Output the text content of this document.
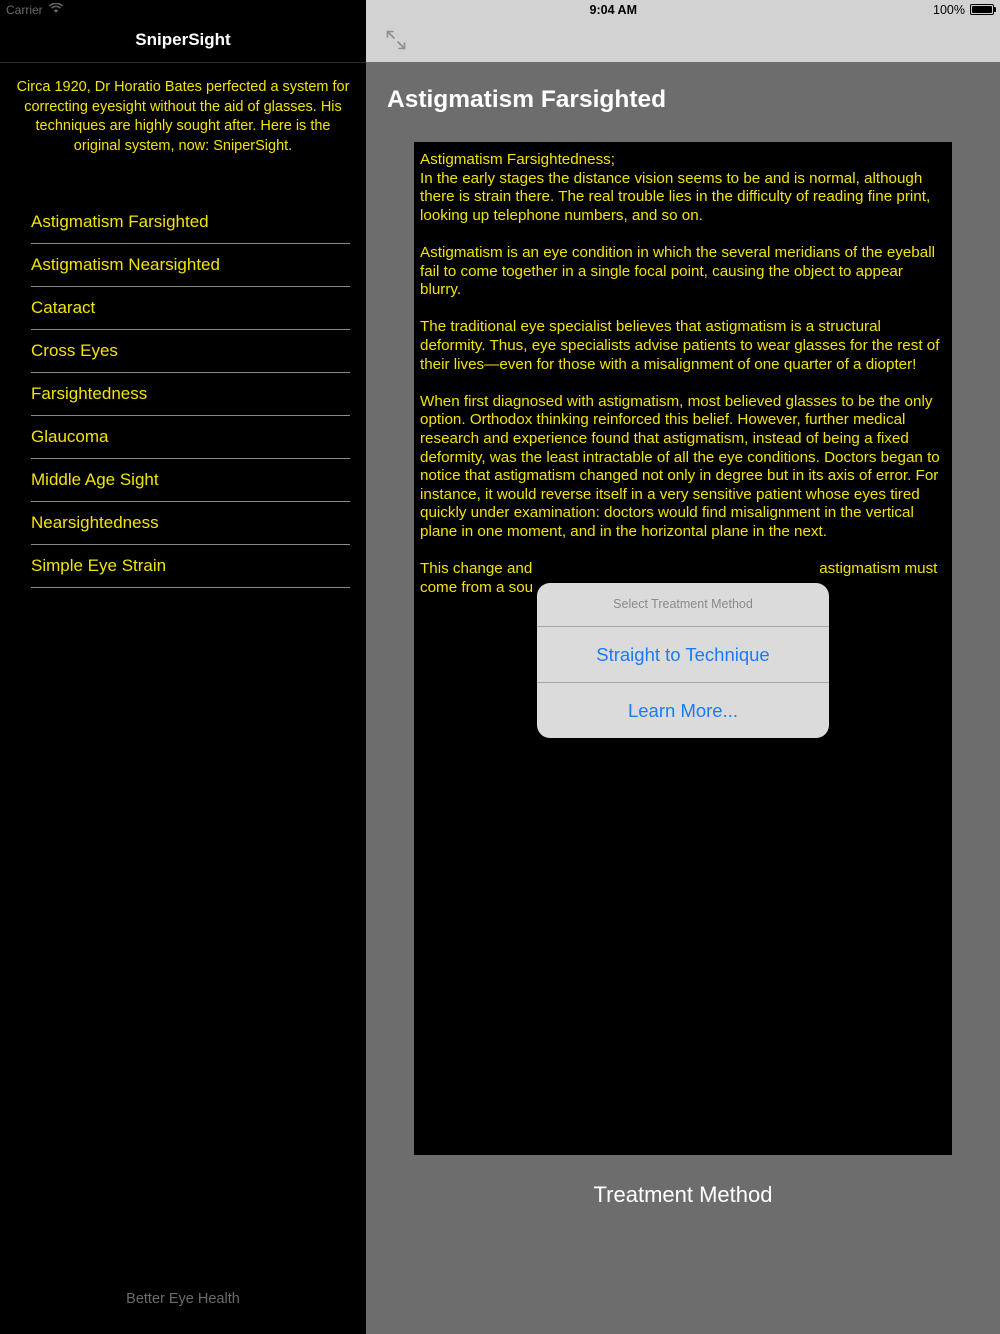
Carrier
SniperSight
Circa 1920, Dr Horatio Bates perfected a system for correcting eyesight without the aid of glasses. His techniques are highly sought after. Here is the original system, now: SniperSight.
Astigmatism Farsighted
Astigmatism Nearsighted
Cataract
Cross Eyes
Farsightedness
Glaucoma
Middle Age Sight
Nearsightedness
Simple Eye Strain
Better Eye Health
9:04 AM	100%
Astigmatism Farsighted

Astigmatism Farsightedness;
In the early stages the distance vision seems to be and is normal, although there is strain there. The real trouble lies in the difficulty of reading fine print, looking up telephone numbers, and so on.

Astigmatism is an eye condition in which the several meridians of the eyeball fail to come together in a single focal point, causing the object to appear blurry.

The traditional eye specialist believes that astigmatism is a structural deformity. Thus, eye specialists advise patients to wear glasses for the rest of their lives—even for those with a misalignment of one quarter of a diopter!

When first diagnosed with astigmatism, most believed glasses to be the only option. Orthodox thinking reinforced this belief. However, further medical research and experience found that astigmatism, instead of being a fixed deformity, was the least intractable of all the eye conditions. Doctors began to notice that astigmatism changed not only in degree but in its axis of error. For instance, it would reverse itself in a very sensitive patient whose eyes tired quickly under examination: doctors would find misalignment in the vertical plane in one moment, and in the horizontal plane in the next.

This change and                                                                    astigmatism must come from a sou

Treatment Method
Select Treatment Method
Straight to Technique
Learn More...
